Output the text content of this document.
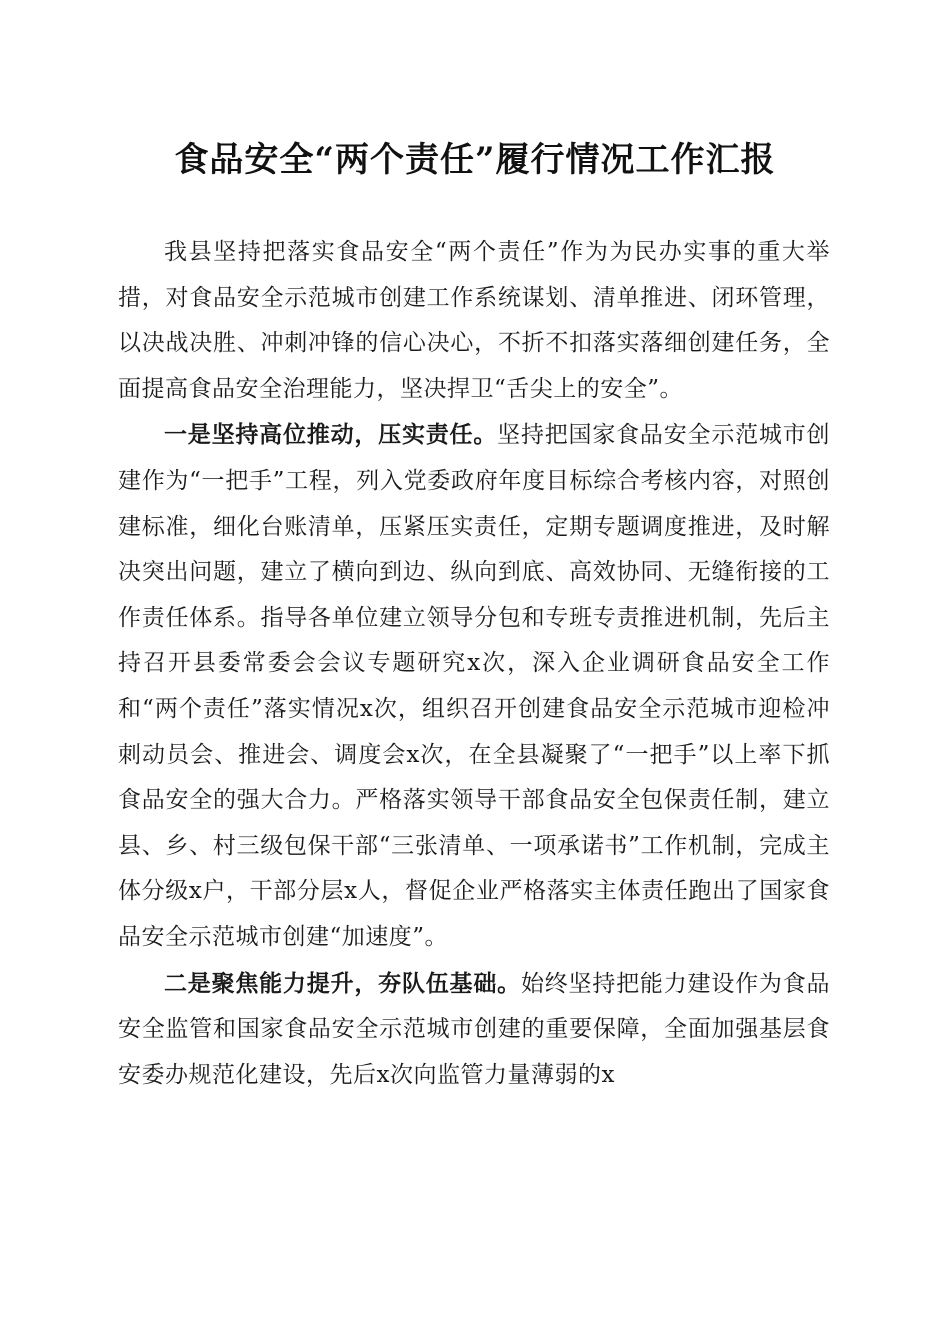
食品安全“两个责任”履行情况工作汇报

我县坚持把落实食品安全“两个责任”作为为民办实事的重大举措，对食品安全示范城市创建工作系统谋划、清单推进、闭环管理，以决战决胜、冲刺冲锋的信心决心，不折不扣落实落细创建任务，全面提高食品安全治理能力，坚决捍卫“舌尖上的安全”。

一是坚持高位推动，压实责任。坚持把国家食品安全示范城市创建作为“一把手”工程，列入党委政府年度目标综合考核内容，对照创建标准，细化台账清单，压紧压实责任，定期专题调度推进，及时解决突出问题，建立了横向到边、纵向到底、高效协同、无缝衔接的工作责任体系。指导各单位建立领导分包和专班专责推进机制，先后主持召开县委常委会会议专题研究x次，深入企业调研食品安全工作和“两个责任”落实情况x次，组织召开创建食品安全示范城市迎检冲刺动员会、推进会、调度会x次，在全县凝聚了“一把手”以上率下抓食品安全的强大合力。严格落实领导干部食品安全包保责任制，建立县、乡、村三级包保干部“三张清单、一项承诺书”工作机制，完成主体分级x户，干部分层x人，督促企业严格落实主体责任跑出了国家食品安全示范城市创建“加速度”。

二是聚焦能力提升，夯队伍基础。始终坚持把能力建设作为食品安全监管和国家食品安全示范城市创建的重要保障，全面加强基层食安委办规范化建设，先后x次向监管力量薄弱的x
